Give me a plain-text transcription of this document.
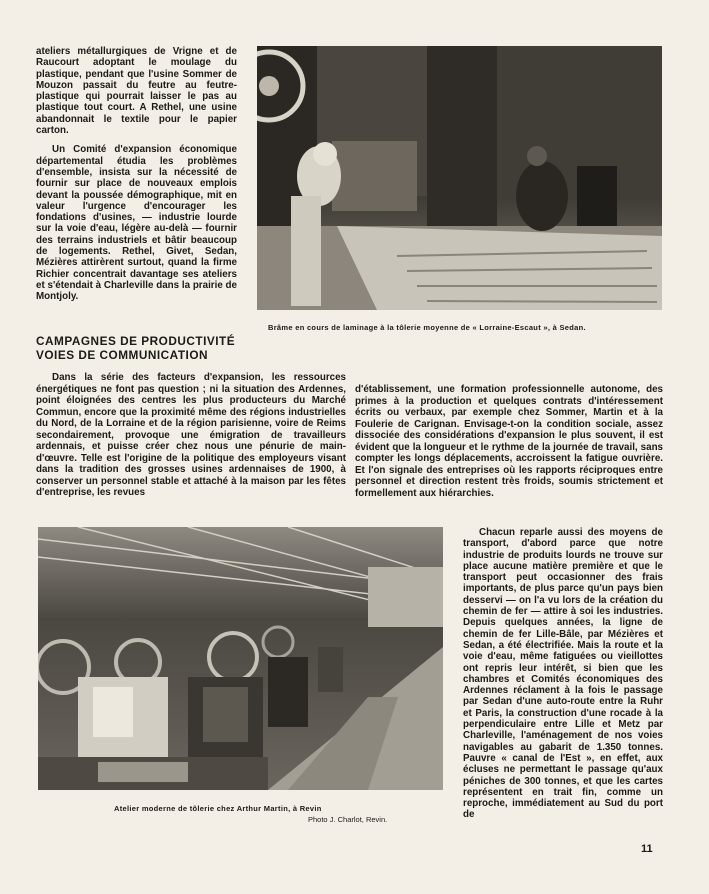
ateliers métallurgiques de Vrigne et de Raucourt adoptant le moulage du plastique, pendant que l'usine Sommer de Mouzon passait du feutre au feutre-plastique qui pourrait laisser le pas au plastique tout court. A Rethel, une usine abandonnait le textile pour le papier carton.

Un Comité d'expansion économique départemental étudia les problèmes d'ensemble, insista sur la nécessité de fournir sur place de nouveaux emplois devant la poussée démographique, mit en valeur l'urgence d'encourager les fondations d'usines, — industrie lourde sur la voie d'eau, légère au-delà — fournir des terrains industriels et bâtir beaucoup de logements. Rethel, Givet, Sedan, Mézières attirèrent surtout, quand la firme Richier concentrait davantage ses ateliers et s'étendait à Charleville dans la prairie de Montjoly.

Brâme en cours de laminage à la tôlerie moyenne de « Lorraine-Escaut », à Sedan.
CAMPAGNES DE PRODUCTIVITÉ
VOIES DE COMMUNICATION

Dans la série des facteurs d'expansion, les ressources énergétiques ne font pas question ; ni la situation des Ardennes, point éloignées des centres les plus producteurs du Marché Commun, encore que la proximité même des régions industrielles du Nord, de la Lorraine et de la région parisienne, voire de Reims secondairement, provoque une émigration de travailleurs ardennais, et puisse créer chez nous une pénurie de main-d'œuvre. Telle est l'origine de la politique des employeurs visant dans la tradition des grosses usines ardennaises de 1900, à conserver un personnel stable et attaché à la maison par les fêtes d'entreprise, les revues

d'établissement, une formation professionnelle autonome, des primes à la production et quelques contrats d'intéressement écrits ou verbaux, par exemple chez Sommer, Martin et à la Foulerie de Carignan. Envisage-t-on la condition sociale, assez dissociée des considérations d'expansion le plus souvent, il est évident que la longueur et le rythme de la journée de travail, sans compter les longs déplacements, accroissent la fatigue ouvrière. Et l'on signale des entreprises où les rapports réciproques entre personnel et direction restent très froids, soumis strictement et formellement aux hiérarchies.

Atelier moderne de tôlerie chez Arthur Martin, à Revin
Photo J. Charlot, Revin.

Chacun reparle aussi des moyens de transport, d'abord parce que notre industrie de produits lourds ne trouve sur place aucune matière première et que le transport peut occasionner des frais importants, de plus parce qu'un pays bien desservi — on l'a vu lors de la création du chemin de fer — attire à soi les industries. Depuis quelques années, la ligne de chemin de fer Lille-Bâle, par Mézières et Sedan, a été électrifiée. Mais la route et la voie d'eau, même fatiguées ou vieillottes ont repris leur intérêt, si bien que les chambres et Comités économiques des Ardennes réclament à la fois le passage par Sedan d'une auto-route entre la Ruhr et Paris, la construction d'une rocade à la perpendiculaire entre Lille et Metz par Charleville, l'aménagement de nos voies navigables au gabarit de 1.350 tonnes. Pauvre « canal de l'Est », en effet, aux écluses ne permettant le passage qu'aux péniches de 300 tonnes, et que les cartes représentent en trait fin, comme un reproche, immédiatement au Sud du port de

11
